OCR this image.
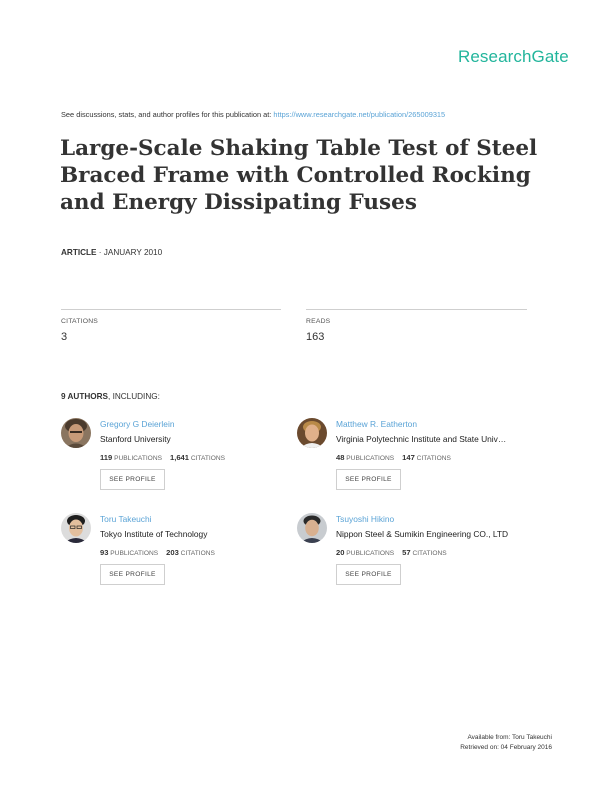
ResearchGate
See discussions, stats, and author profiles for this publication at: https://www.researchgate.net/publication/265009315
Large-Scale Shaking Table Test of Steel Braced Frame with Controlled Rocking and Energy Dissipating Fuses
ARTICLE · JANUARY 2010
CITATIONS
3
READS
163
9 AUTHORS, INCLUDING:
Gregory G Deierlein
Stanford University
119 PUBLICATIONS 1,641 CITATIONS
SEE PROFILE
Matthew R. Eatherton
Virginia Polytechnic Institute and State Univ…
48 PUBLICATIONS 147 CITATIONS
SEE PROFILE
Toru Takeuchi
Tokyo Institute of Technology
93 PUBLICATIONS 203 CITATIONS
SEE PROFILE
Tsuyoshi Hikino
Nippon Steel & Sumikin Engineering CO., LTD
20 PUBLICATIONS 57 CITATIONS
SEE PROFILE
Available from: Toru Takeuchi
Retrieved on: 04 February 2016
